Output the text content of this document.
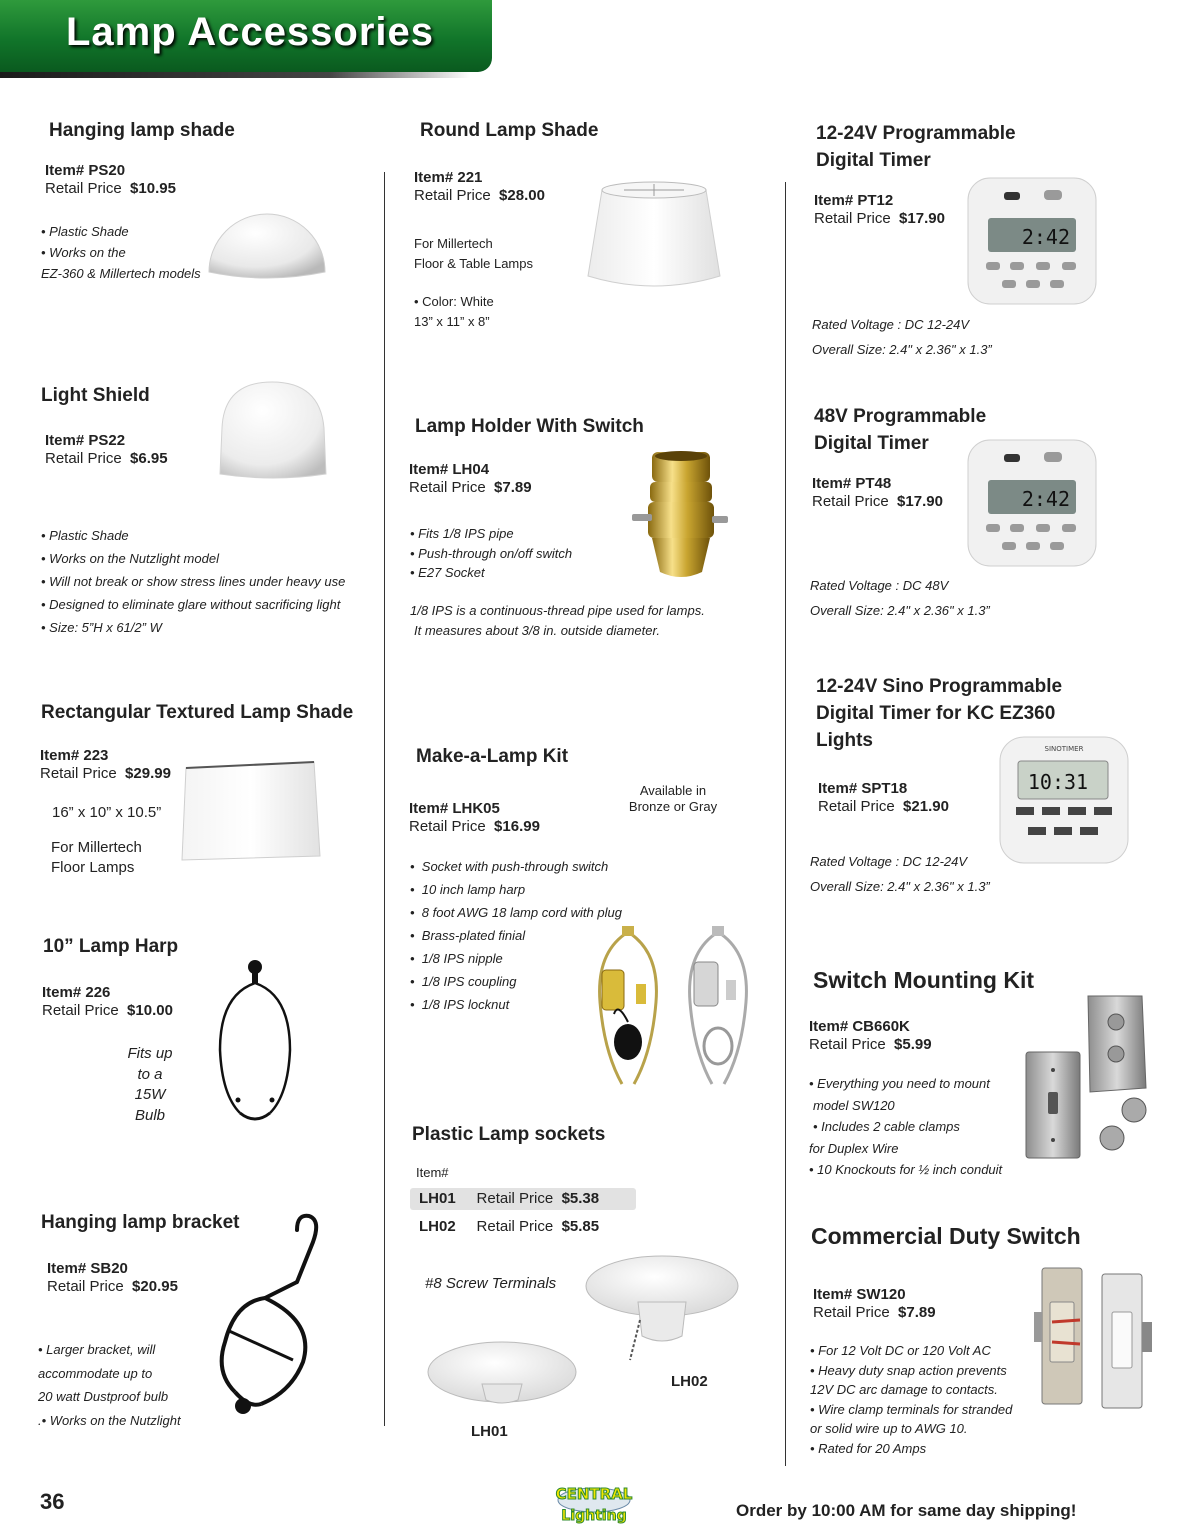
Lamp Accessories
Hanging lamp shade
Item# PS20
Retail Price $10.95
• Plastic Shade
• Works on the
EZ-360 & Millertech models
Light Shield
Item# PS22
Retail Price $6.95
• Plastic Shade
• Works on the Nutzlight model
• Will not break or show stress lines under heavy use
• Designed to eliminate glare without sacrificing light
• Size: 5”H x 61/2” W
Rectangular Textured Lamp Shade
Item# 223
Retail Price $29.99
16” x 10” x 10.5”
For Millertech
Floor Lamps
10” Lamp Harp
Item# 226
Retail Price $10.00
Fits up
to a
15W
Bulb
Hanging lamp bracket
Item# SB20
Retail Price $20.95
• Larger bracket, will
accommodate up to
20 watt Dustproof bulb
.• Works on the Nutzlight
Round Lamp Shade
Item# 221
Retail Price $28.00
For Millertech
Floor & Table Lamps
• Color: White
13” x 11” x 8”
Lamp Holder With Switch
Item# LH04
Retail Price $7.89
• Fits 1/8 IPS pipe
• Push-through on/off switch
• E27 Socket
1/8 IPS is a continuous-thread pipe used for lamps.
It measures about 3/8 in. outside diameter.
Make-a-Lamp Kit
Available in
Bronze or Gray
Item# LHK05
Retail Price $16.99
•  Socket with push-through switch
•  10 inch lamp harp
•  8 foot AWG 18 lamp cord with plug
•  Brass-plated finial
•  1/8 IPS nipple
•  1/8 IPS coupling
•  1/8 IPS locknut
Plastic Lamp sockets
Item#
LH01 Retail Price $5.38
LH02 Retail Price $5.85
#8 Screw Terminals
LH02
LH01
12-24V Programmable
Digital Timer
Item# PT12
Retail Price $17.90
Rated Voltage : DC 12-24V
Overall Size: 2.4" x 2.36" x 1.3”
2:42
48V Programmable
Digital Timer
Item# PT48
Retail Price $17.90
Rated Voltage : DC 48V
Overall Size: 2.4" x 2.36" x 1.3”
2:42
12-24V Sino Programmable
Digital Timer for KC EZ360
Lights
Item# SPT18
Retail Price $21.90
Rated Voltage : DC 12-24V
Overall Size: 2.4" x 2.36" x 1.3”
SINOTIMER
10:31
Switch Mounting Kit
Item# CB660K
Retail Price $5.99
• Everything you need to mount
model SW120
• Includes 2 cable clamps
for Duplex Wire
• 10 Knockouts for ½ inch conduit
Commercial Duty Switch
Item# SW120
Retail Price $7.89
• For 12 Volt DC or 120 Volt AC
• Heavy duty snap action prevents
12V DC arc damage to contacts.
• Wire clamp terminals for stranded
or solid wire up to AWG 10.
• Rated for 20 Amps
36	CENTRAL
Lighting	Order by 10:00 AM for same day shipping!
